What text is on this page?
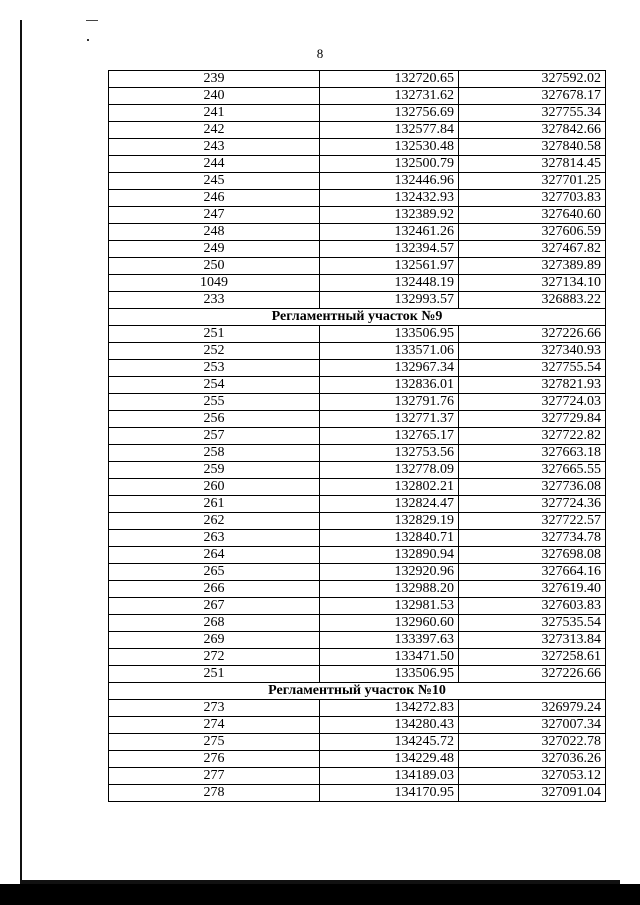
8
239	132720.65	327592.02
240	132731.62	327678.17
241	132756.69	327755.34
242	132577.84	327842.66
243	132530.48	327840.58
244	132500.79	327814.45
245	132446.96	327701.25
246	132432.93	327703.83
247	132389.92	327640.60
248	132461.26	327606.59
249	132394.57	327467.82
250	132561.97	327389.89
1049	132448.19	327134.10
233	132993.57	326883.22
Регламентный участок №9		
251	133506.95	327226.66
252	133571.06	327340.93
253	132967.34	327755.54
254	132836.01	327821.93
255	132791.76	327724.03
256	132771.37	327729.84
257	132765.17	327722.82
258	132753.56	327663.18
259	132778.09	327665.55
260	132802.21	327736.08
261	132824.47	327724.36
262	132829.19	327722.57
263	132840.71	327734.78
264	132890.94	327698.08
265	132920.96	327664.16
266	132988.20	327619.40
267	132981.53	327603.83
268	132960.60	327535.54
269	133397.63	327313.84
272	133471.50	327258.61
251	133506.95	327226.66
Регламентный участок №10		
273	134272.83	326979.24
274	134280.43	327007.34
275	134245.72	327022.78
276	134229.48	327036.26
277	134189.03	327053.12
278	134170.95	327091.04
